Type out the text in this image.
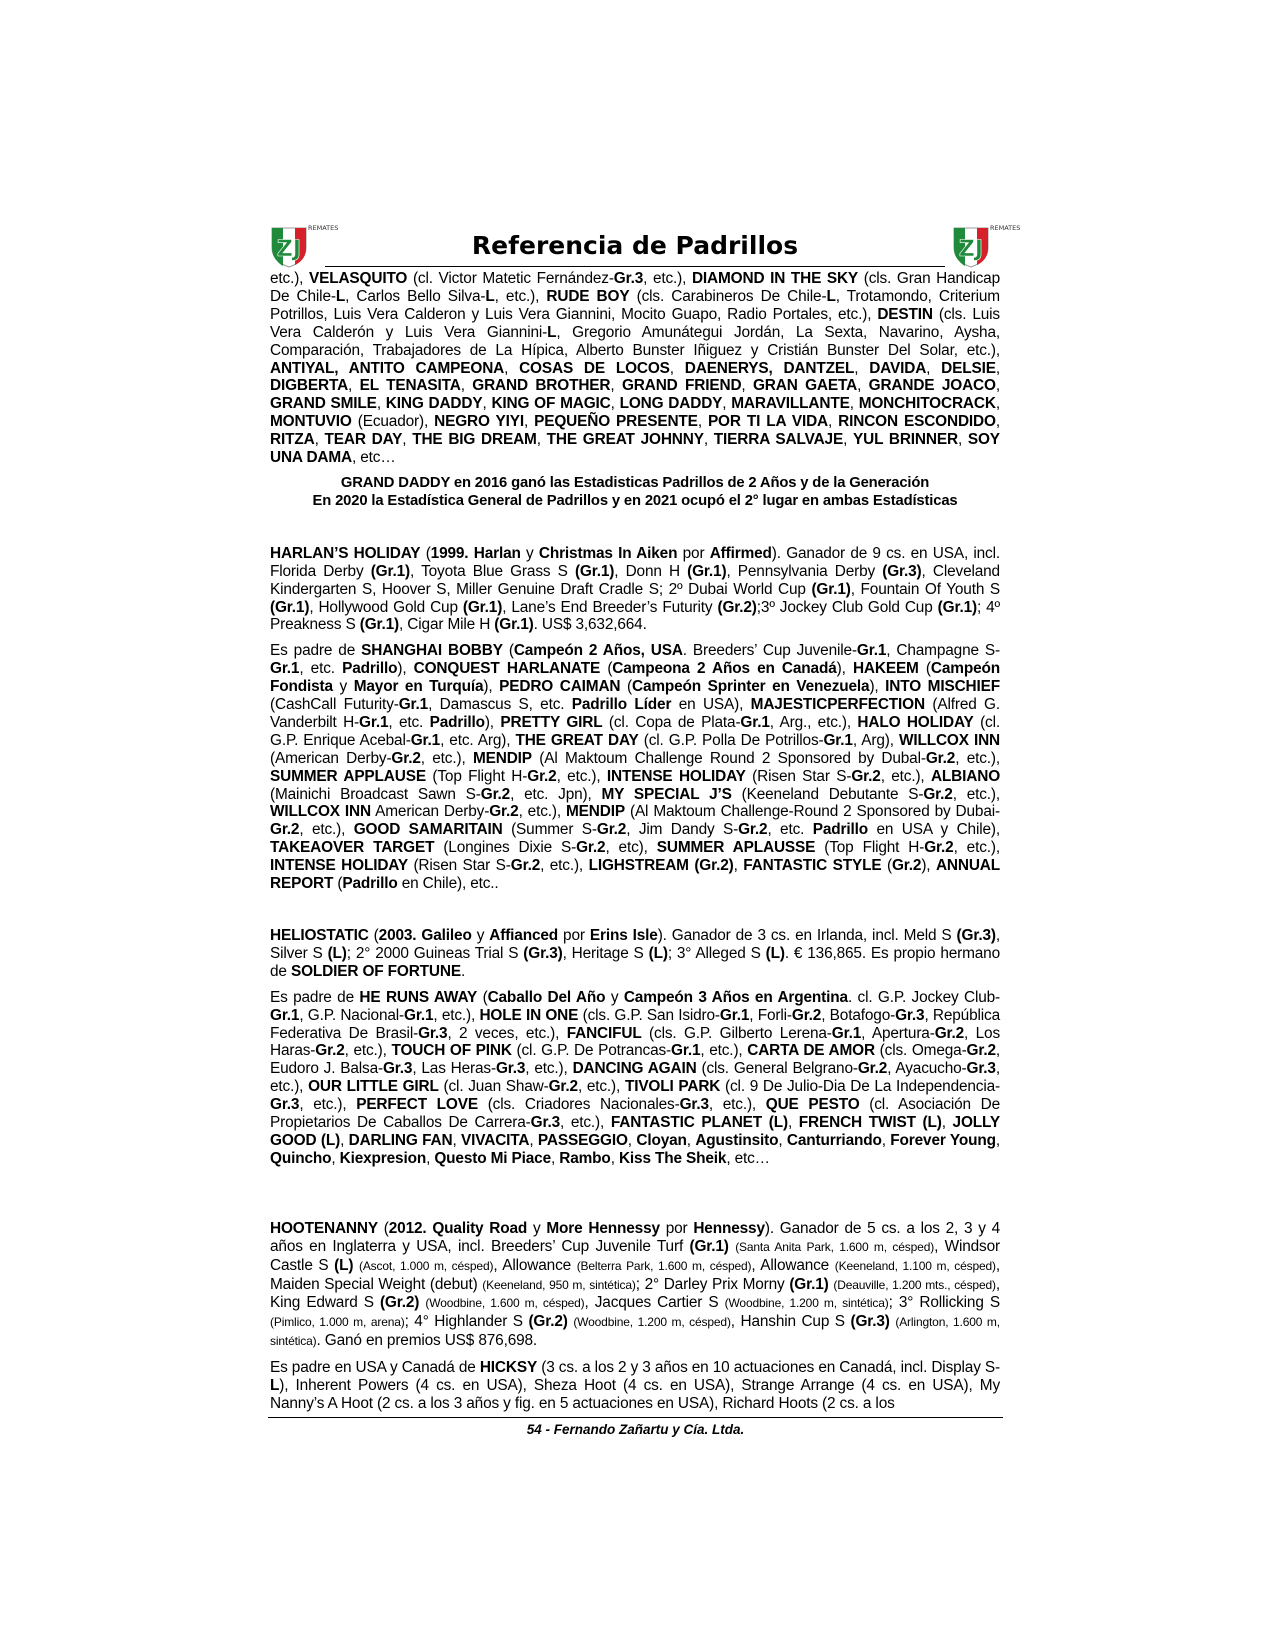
ZJ
REMATES
Referencia de Padrillos	ZJ
REMATES

etc.), VELASQUITO (cl. Victor Matetic Fernández-Gr.3, etc.), DIAMOND IN THE SKY (cls. Gran Handicap De Chile-L, Carlos Bello Silva-L, etc.), RUDE BOY (cls. Carabineros De Chile-L, Trotamondo, Criterium Potrillos, Luis Vera Calderon y Luis Vera Giannini, Mocito Guapo, Radio Portales, etc.), DESTIN (cls. Luis Vera Calderón y Luis Vera Giannini-L, Gregorio Amunátegui Jordán, La Sexta, Navarino, Aysha, Comparación, Trabajadores de La Hípica, Alberto Bunster Iñiguez y Cristián Bunster Del Solar, etc.), ANTIYAL, ANTITO CAMPEONA, COSAS DE LOCOS, DAENERYS, DANTZEL, DAVIDA, DELSIE, DIGBERTA, EL TENASITA, GRAND BROTHER, GRAND FRIEND, GRAN GAETA, GRANDE JOACO, GRAND SMILE, KING DADDY, KING OF MAGIC, LONG DADDY, MARAVILLANTE, MONCHITOCRACK, MONTUVIO (Ecuador), NEGRO YIYI, PEQUEÑO PRESENTE, POR TI LA VIDA, RINCON ESCONDIDO, RITZA, TEAR DAY, THE BIG DREAM, THE GREAT JOHNNY, TIERRA SALVAJE, YUL BRINNER, SOY UNA DAMA, etc…

GRAND DADDY en 2016 ganó las Estadisticas Padrillos de 2 Años y de la Generación

En 2020 la Estadística General de Padrillos y en 2021 ocupó el 2° lugar en ambas Estadísticas

HARLAN’S HOLIDAY (1999. Harlan y Christmas In Aiken por Affirmed). Ganador de 9 cs. en USA, incl. Florida Derby (Gr.1), Toyota Blue Grass S (Gr.1), Donn H (Gr.1), Pennsylvania Derby (Gr.3), Cleveland Kindergarten S, Hoover S, Miller Genuine Draft Cradle S; 2º Dubai World Cup (Gr.1), Fountain Of Youth S (Gr.1), Hollywood Gold Cup (Gr.1), Lane’s End Breeder’s Futurity (Gr.2);3º Jockey Club Gold Cup (Gr.1); 4º Preakness S (Gr.1), Cigar Mile H (Gr.1). US$ 3,632,664.

Es padre de SHANGHAI BOBBY (Campeón 2 Años, USA. Breeders’ Cup Juvenile-Gr.1, Champagne S-Gr.1, etc. Padrillo), CONQUEST HARLANATE (Campeona 2 Años en Canadá), HAKEEM (Campeón Fondista y Mayor en Turquía), PEDRO CAIMAN (Campeón Sprinter en Venezuela), INTO MISCHIEF (CashCall Futurity-Gr.1, Damascus S, etc. Padrillo Líder en USA), MAJESTICPERFECTION (Alfred G. Vanderbilt H-Gr.1, etc. Padrillo), PRETTY GIRL (cl. Copa de Plata-Gr.1, Arg., etc.), HALO HOLIDAY (cl. G.P. Enrique Acebal-Gr.1, etc. Arg), THE GREAT DAY (cl. G.P. Polla De Potrillos-Gr.1, Arg), WILLCOX INN (American Derby-Gr.2, etc.), MENDIP (Al Maktoum Challenge Round 2 Sponsored by Dubal-Gr.2, etc.), SUMMER APPLAUSE (Top Flight H-Gr.2, etc.), INTENSE HOLIDAY (Risen Star S-Gr.2, etc.), ALBIANO (Mainichi Broadcast Sawn S-Gr.2, etc. Jpn), MY SPECIAL J’S (Keeneland Debutante S-Gr.2, etc.), WILLCOX INN American Derby-Gr.2, etc.), MENDIP (Al Maktoum Challenge-Round 2 Sponsored by Dubai-Gr.2, etc.), GOOD SAMARITAIN (Summer S-Gr.2, Jim Dandy S-Gr.2, etc. Padrillo en USA y Chile), TAKEAOVER TARGET (Longines Dixie S-Gr.2, etc), SUMMER APLAUSSE (Top Flight H-Gr.2, etc.), INTENSE HOLIDAY (Risen Star S-Gr.2, etc.), LIGHSTREAM (Gr.2), FANTASTIC STYLE (Gr.2), ANNUAL REPORT (Padrillo en Chile), etc..

HELIOSTATIC (2003. Galileo y Affianced por Erins Isle). Ganador de 3 cs. en Irlanda, incl. Meld S (Gr.3), Silver S (L); 2° 2000 Guineas Trial S (Gr.3), Heritage S (L); 3° Alleged S (L). € 136,865. Es propio hermano de SOLDIER OF FORTUNE.

Es padre de HE RUNS AWAY (Caballo Del Año y Campeón 3 Años en Argentina. cl. G.P. Jockey Club-Gr.1, G.P. Nacional-Gr.1, etc.), HOLE IN ONE (cls. G.P. San Isidro-Gr.1, Forli-Gr.2, Botafogo-Gr.3, República Federativa De Brasil-Gr.3, 2 veces, etc.), FANCIFUL (cls. G.P. Gilberto Lerena-Gr.1, Apertura-Gr.2, Los Haras-Gr.2, etc.), TOUCH OF PINK (cl. G.P. De Potrancas-Gr.1, etc.), CARTA DE AMOR (cls. Omega-Gr.2, Eudoro J. Balsa-Gr.3, Las Heras-Gr.3, etc.), DANCING AGAIN (cls. General Belgrano-Gr.2, Ayacucho-Gr.3, etc.), OUR LITTLE GIRL (cl. Juan Shaw-Gr.2, etc.), TIVOLI PARK (cl. 9 De Julio-Dia De La Independencia-Gr.3, etc.), PERFECT LOVE (cls. Criadores Nacionales-Gr.3, etc.), QUE PESTO (cl. Asociación De Propietarios De Caballos De Carrera-Gr.3, etc.), FANTASTIC PLANET (L), FRENCH TWIST (L), JOLLY GOOD (L), DARLING FAN, VIVACITA, PASSEGGIO, Cloyan, Agustinsito, Canturriando, Forever Young, Quincho, Kiexpresion, Questo Mi Piace, Rambo, Kiss The Sheik, etc…

HOOTENANNY (2012. Quality Road y More Hennessy por Hennessy). Ganador de 5 cs. a los 2, 3 y 4 años en Inglaterra y USA, incl. Breeders’ Cup Juvenile Turf (Gr.1) (Santa Anita Park, 1.600 m, césped), Windsor Castle S (L) (Ascot, 1.000 m, césped), Allowance (Belterra Park, 1.600 m, césped), Allowance (Keeneland, 1.100 m, césped), Maiden Special Weight (debut) (Keeneland, 950 m, sintética); 2° Darley Prix Morny (Gr.1) (Deauville, 1.200 mts., césped), King Edward S (Gr.2) (Woodbine, 1.600 m, césped), Jacques Cartier S (Woodbine, 1.200 m, sintética); 3° Rollicking S (Pimlico, 1.000 m, arena); 4° Highlander S (Gr.2) (Woodbine, 1.200 m, césped), Hanshin Cup S (Gr.3) (Arlington, 1.600 m, sintética). Ganó en premios US$ 876,698.

Es padre en USA y Canadá de HICKSY (3 cs. a los 2 y 3 años en 10 actuaciones en Canadá, incl. Display S-L), Inherent Powers (4 cs. en USA), Sheza Hoot (4 cs. en USA), Strange Arrange (4 cs. en USA), My Nanny’s A Hoot (2 cs. a los 3 años y fig. en 5 actuaciones en USA), Richard Hoots (2 cs. a los

54 - Fernando Zañartu y Cía. Ltda.
